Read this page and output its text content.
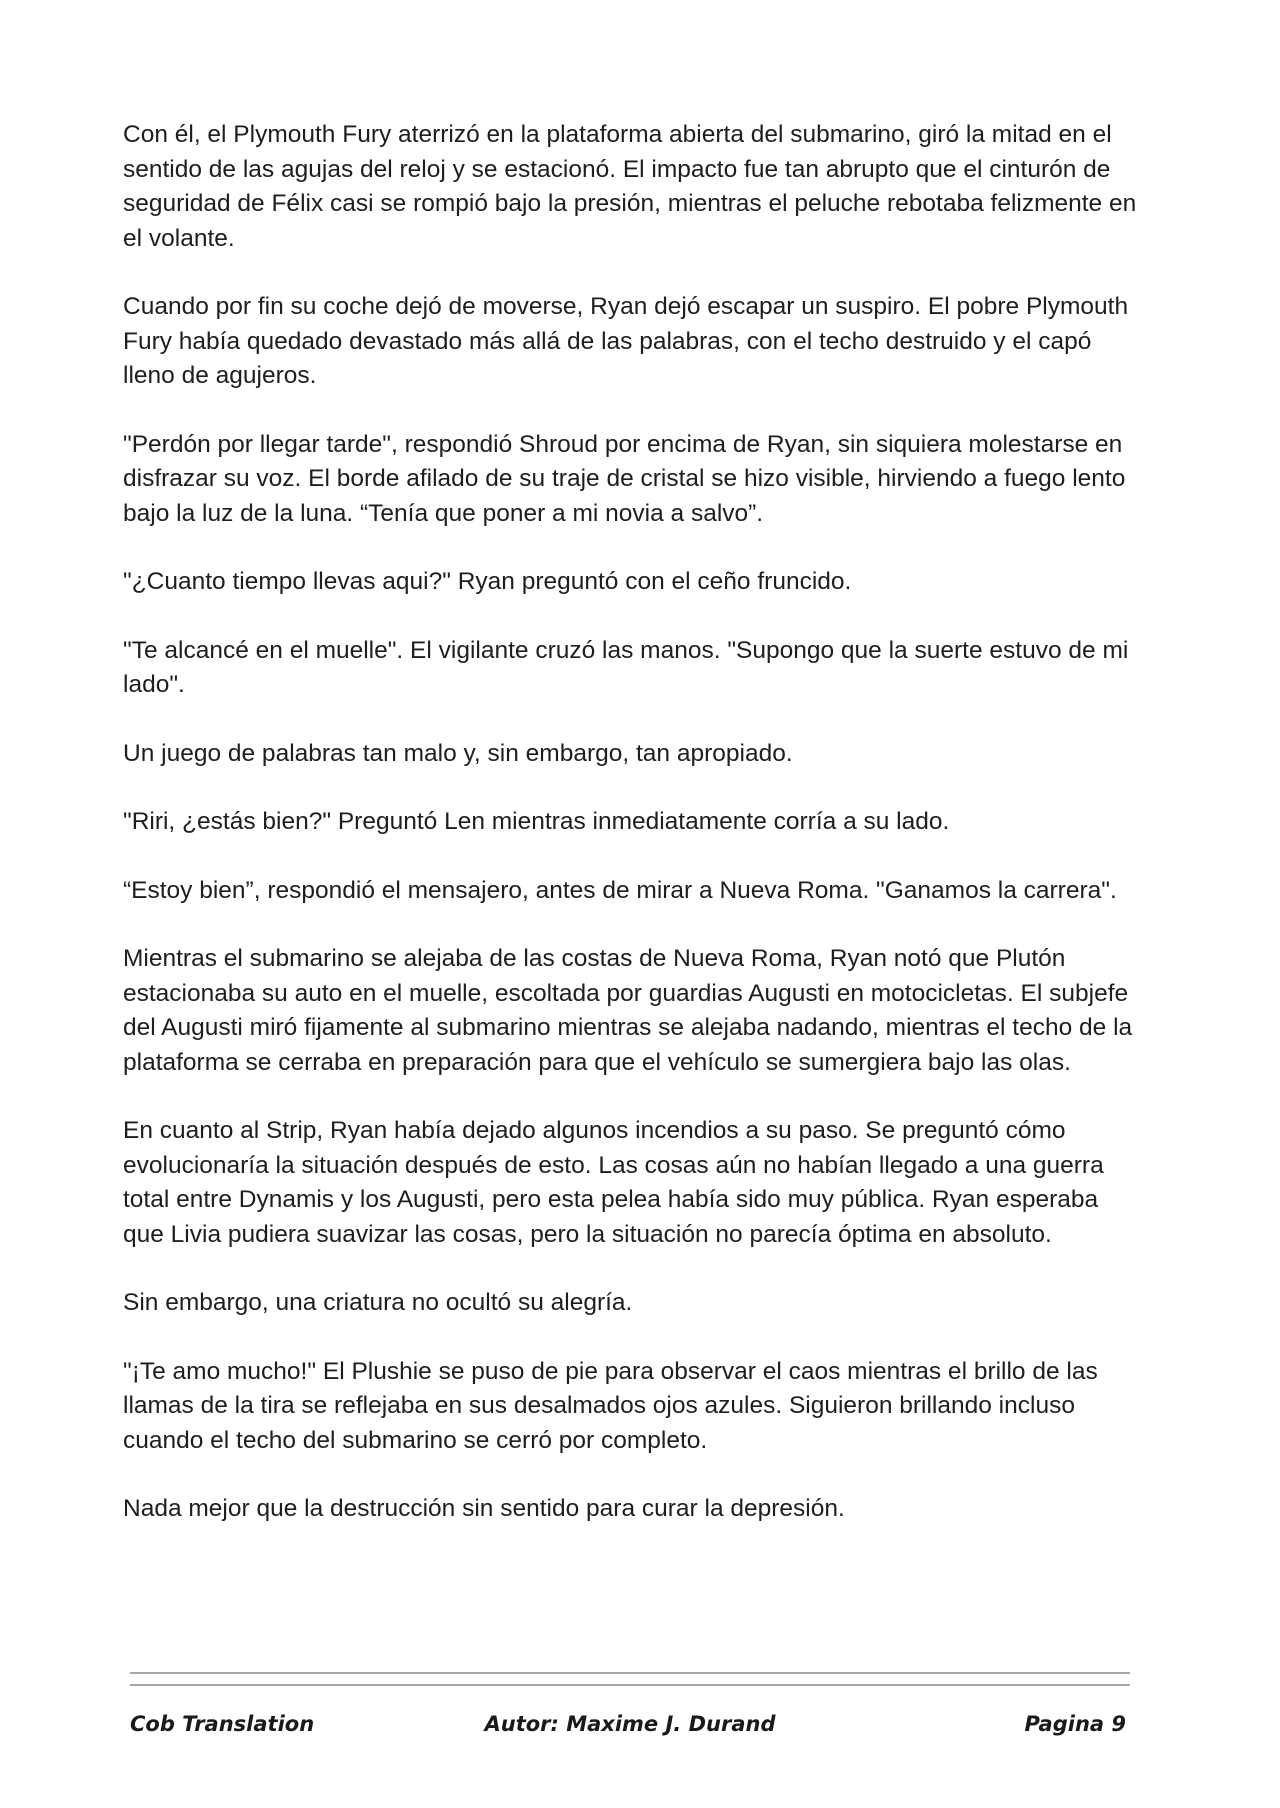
Con él, el Plymouth Fury aterrizó en la plataforma abierta del submarino, giró la mitad en el sentido de las agujas del reloj y se estacionó. El impacto fue tan abrupto que el cinturón de seguridad de Félix casi se rompió bajo la presión, mientras el peluche rebotaba felizmente en el volante.

Cuando por fin su coche dejó de moverse, Ryan dejó escapar un suspiro. El pobre Plymouth Fury había quedado devastado más allá de las palabras, con el techo destruido y el capó lleno de agujeros.

"Perdón por llegar tarde", respondió Shroud por encima de Ryan, sin siquiera molestarse en disfrazar su voz. El borde afilado de su traje de cristal se hizo visible, hirviendo a fuego lento bajo la luz de la luna. “Tenía que poner a mi novia a salvo”.

"¿Cuanto tiempo llevas aqui?" Ryan preguntó con el ceño fruncido.

"Te alcancé en el muelle". El vigilante cruzó las manos. "Supongo que la suerte estuvo de mi lado".

Un juego de palabras tan malo y, sin embargo, tan apropiado.

"Riri, ¿estás bien?" Preguntó Len mientras inmediatamente corría a su lado.

“Estoy bien”, respondió el mensajero, antes de mirar a Nueva Roma. "Ganamos la carrera".

Mientras el submarino se alejaba de las costas de Nueva Roma, Ryan notó que Plutón estacionaba su auto en el muelle, escoltada por guardias Augusti en motocicletas. El subjefe del Augusti miró fijamente al submarino mientras se alejaba nadando, mientras el techo de la plataforma se cerraba en preparación para que el vehículo se sumergiera bajo las olas.

En cuanto al Strip, Ryan había dejado algunos incendios a su paso. Se preguntó cómo evolucionaría la situación después de esto. Las cosas aún no habían llegado a una guerra total entre Dynamis y los Augusti, pero esta pelea había sido muy pública. Ryan esperaba que Livia pudiera suavizar las cosas, pero la situación no parecía óptima en absoluto.

Sin embargo, una criatura no ocultó su alegría.

"¡Te amo mucho!" El Plushie se puso de pie para observar el caos mientras el brillo de las llamas de la tira se reflejaba en sus desalmados ojos azules. Siguieron brillando incluso cuando el techo del submarino se cerró por completo.

Nada mejor que la destrucción sin sentido para curar la depresión.

Cob Translation	Autor: Maxime J. Durand	Pagina 9
